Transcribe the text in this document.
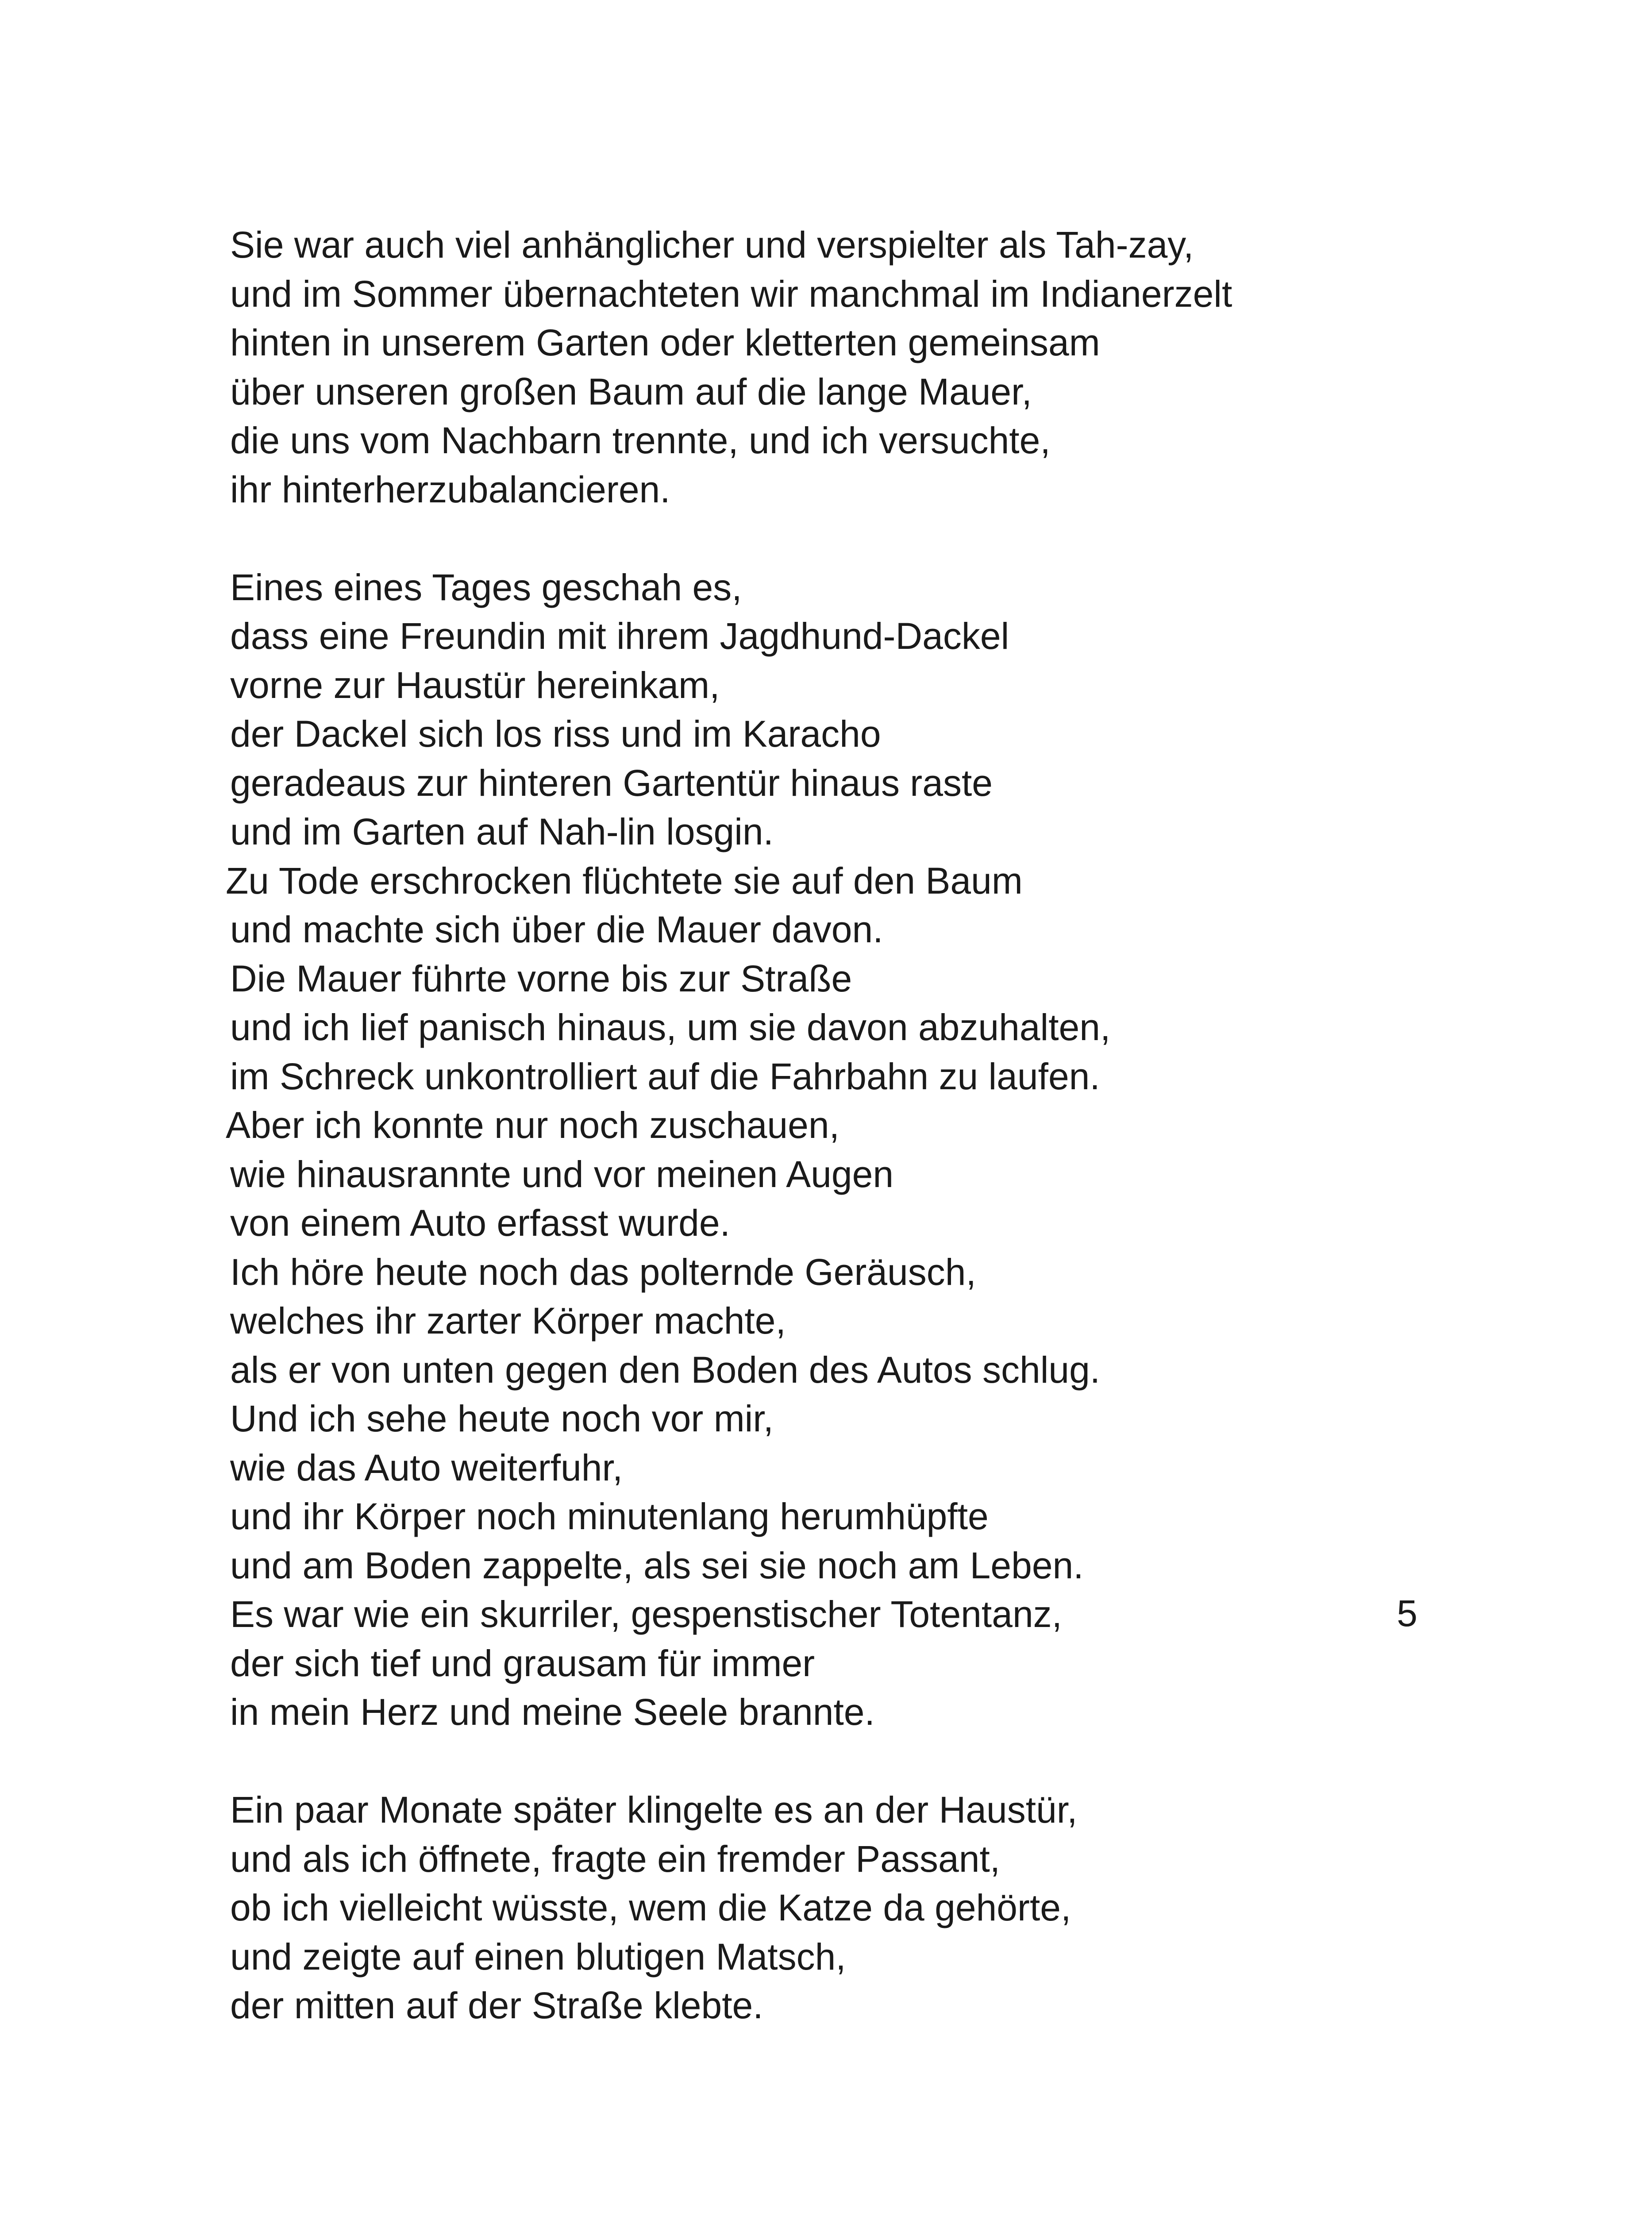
Sie war auch viel anhänglicher und verspielter als Tah-zay,
und im Sommer übernachteten wir manchmal im Indianerzelt
hinten in unserem Garten oder kletterten gemeinsam
über unseren großen Baum auf die lange Mauer,
die uns vom Nachbarn trennte, und ich versuchte,
ihr hinterherzubalancieren.
Eines eines Tages geschah es,
dass eine Freundin mit ihrem Jagdhund-Dackel
vorne zur Haustür hereinkam,
der Dackel sich los riss und im Karacho
geradeaus zur hinteren Gartentür hinaus raste
und im Garten auf Nah-lin losgin.
Zu Tode erschrocken flüchtete sie auf den Baum
und machte sich über die Mauer davon.
Die Mauer führte vorne bis zur Straße
und ich lief panisch hinaus, um sie davon abzuhalten,
im Schreck unkontrolliert auf die Fahrbahn zu laufen.
Aber ich konnte nur noch zuschauen,
wie hinausrannte und vor meinen Augen
von einem Auto erfasst wurde.
Ich höre heute noch das polternde Geräusch,
welches ihr zarter Körper machte,
als er von unten gegen den Boden des Autos schlug.
Und ich sehe heute noch vor mir,
wie das Auto weiterfuhr,
und ihr Körper noch minutenlang herumhüpfte
und am Boden zappelte, als sei sie noch am Leben.
Es war wie ein skurriler, gespenstischer Totentanz,
der sich tief und grausam für immer
in mein Herz und meine Seele brannte.
Ein paar Monate später klingelte es an der Haustür,
und als ich öffnete, fragte ein fremder Passant,
ob ich vielleicht wüsste, wem die Katze da gehörte,
und zeigte auf einen blutigen Matsch,
der mitten auf der Straße klebte.
5
